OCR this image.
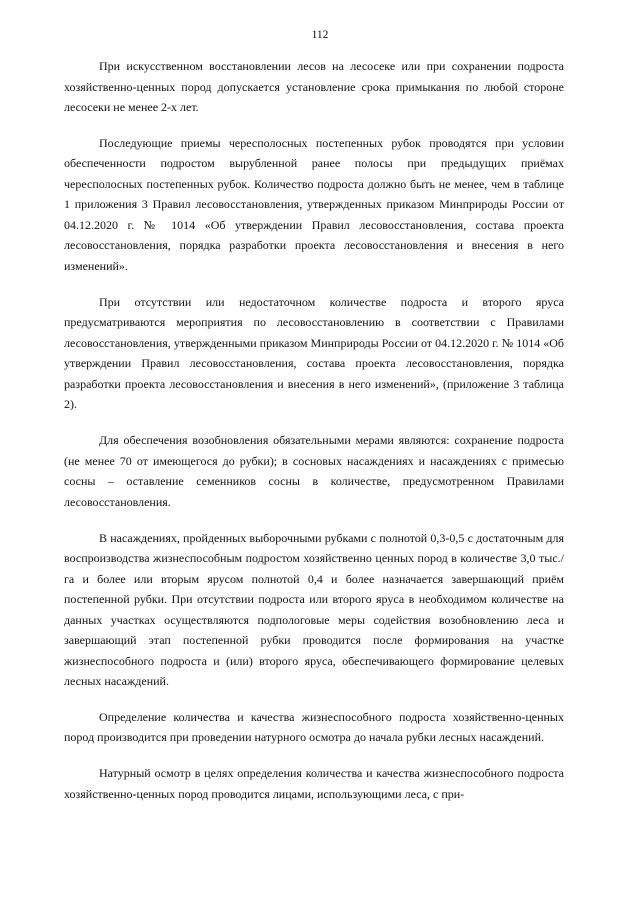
112

При искусственном восстановлении лесов на лесосеке или при сохранении подроста хозяйственно-ценных пород допускается установление срока примыкания по любой стороне лесосеки не менее 2-х лет.

Последующие приемы чересполосных постепенных рубок проводятся при условии обеспеченности подростом вырубленной ранее полосы при предыдущих приёмах чересполосных постепенных рубок. Количество подроста должно быть не менее, чем в таблице 1 приложения 3 Правил лесовосстановления, утвержденных приказом Минприроды России от 04.12.2020 г. № 1014 «Об утверждении Правил лесовосстановления, состава проекта лесовосстановления, порядка разработки проекта лесовосстановления и внесения в него изменений».

При отсутствии или недостаточном количестве подроста и второго яруса предусматриваются мероприятия по лесовосстановлению в соответствии с Правилами лесовосстановления, утвержденными приказом Минприроды России от 04.12.2020 г. № 1014 «Об утверждении Правил лесовосстановления, состава проекта лесовосстановления, порядка разработки проекта лесовосстановления и внесения в него изменений», (приложение 3 таблица 2).

Для обеспечения возобновления обязательными мерами являются: сохранение подроста (не менее 70 от имеющегося до рубки); в сосновых насаждениях и насаждениях с примесью сосны – оставление семенников сосны в количестве, предусмотренном Правилами лесовосстановления.

В насаждениях, пройденных выборочными рубками с полнотой 0,3-0,5 с достаточным для воспроизводства жизнеспособным подростом хозяйственно ценных пород в количестве 3,0 тыс./га и более или вторым ярусом полнотой 0,4 и более назначается завершающий приём постепенной рубки. При отсутствии подроста или второго яруса в необходимом количестве на данных участках осуществляются подпологовые меры содействия возобновлению леса и завершающий этап постепенной рубки проводится после формирования на участке жизнеспособного подроста и (или) второго яруса, обеспечивающего формирование целевых лесных насаждений.

Определение количества и качества жизнеспособного подроста хозяйственно-ценных пород производится при проведении натурного осмотра до начала рубки лесных насаждений.

Натурный осмотр в целях определения количества и качества жизнеспособного подроста хозяйственно-ценных пород проводится лицами, использующими леса, с при-
